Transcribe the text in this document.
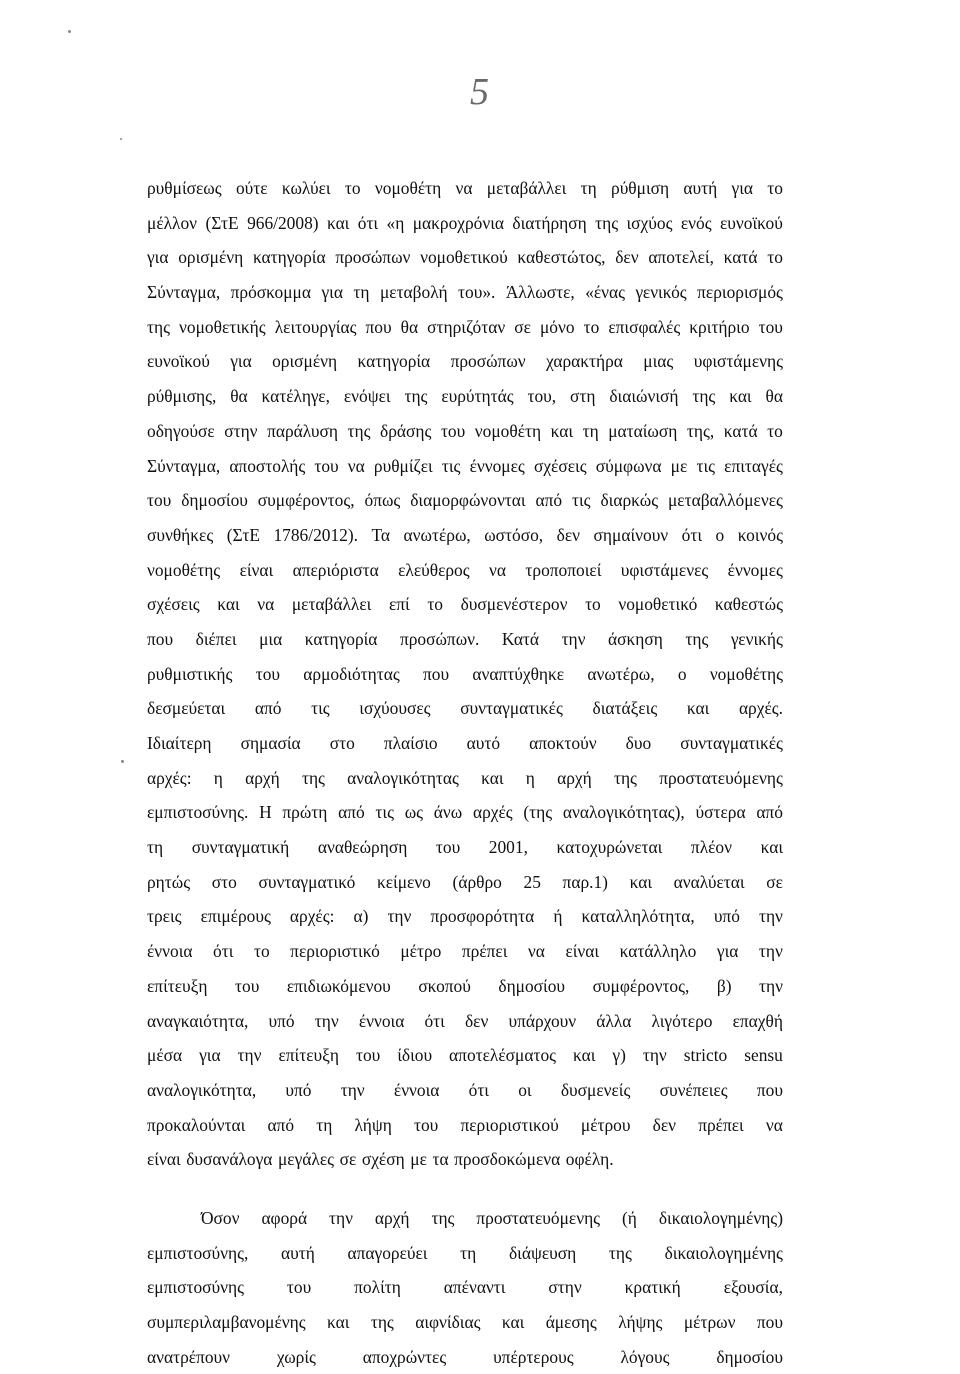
5
ρυθμίσεως ούτε κωλύει το νομοθέτη να μεταβάλλει τη ρύθμιση αυτή για το
μέλλον (ΣτΕ 966/2008) και ότι «η μακροχρόνια διατήρηση της ισχύος ενός ευνοϊκού
για ορισμένη κατηγορία προσώπων νομοθετικού καθεστώτος, δεν αποτελεί, κατά το
Σύνταγμα, πρόσκομμα για τη μεταβολή του». Άλλωστε, «ένας γενικός περιορισμός
της νομοθετικής λειτουργίας που θα στηριζόταν σε μόνο το επισφαλές κριτήριο του
ευνοϊκού για ορισμένη κατηγορία προσώπων χαρακτήρα μιας υφιστάμενης
ρύθμισης, θα κατέληγε, ενόψει της ευρύτητάς του, στη διαιώνισή της και θα
οδηγούσε στην παράλυση της δράσης του νομοθέτη και τη ματαίωση της, κατά το
Σύνταγμα, αποστολής του να ρυθμίζει τις έννομες σχέσεις σύμφωνα με τις επιταγές
του δημοσίου συμφέροντος, όπως διαμορφώνονται από τις διαρκώς μεταβαλλόμενες
συνθήκες (ΣτΕ 1786/2012). Τα ανωτέρω, ωστόσο, δεν σημαίνουν ότι ο κοινός
νομοθέτης είναι απεριόριστα ελεύθερος να τροποποιεί υφιστάμενες έννομες
σχέσεις και να μεταβάλλει επί το δυσμενέστερον το νομοθετικό καθεστώς
που διέπει μια κατηγορία προσώπων. Κατά την άσκηση της γενικής
ρυθμιστικής του αρμοδιότητας που αναπτύχθηκε ανωτέρω, ο νομοθέτης
δεσμεύεται από τις ισχύουσες συνταγματικές διατάξεις και αρχές.
Ιδιαίτερη σημασία στο πλαίσιο αυτό αποκτούν δυο συνταγματικές
αρχές: η αρχή της αναλογικότητας και η αρχή της προστατευόμενης
εμπιστοσύνης. Η πρώτη από τις ως άνω αρχές (της αναλογικότητας), ύστερα από
τη συνταγματική αναθεώρηση του 2001, κατοχυρώνεται πλέον και
ρητώς στο συνταγματικό κείμενο (άρθρο 25 παρ.1) και αναλύεται σε
τρεις επιμέρους αρχές: α) την προσφορότητα ή καταλληλότητα, υπό την
έννοια ότι το περιοριστικό μέτρο πρέπει να είναι κατάλληλο για την
επίτευξη του επιδιωκόμενου σκοπού δημοσίου συμφέροντος, β) την
αναγκαιότητα, υπό την έννοια ότι δεν υπάρχουν άλλα λιγότερο επαχθή
μέσα για την επίτευξη του ίδιου αποτελέσματος και γ) την stricto sensu
αναλογικότητα, υπό την έννοια ότι οι δυσμενείς συνέπειες που
προκαλούνται από τη λήψη του περιοριστικού μέτρου δεν πρέπει να
είναι δυσανάλογα μεγάλες σε σχέση με τα προσδοκώμενα οφέλη.
Όσον αφορά την αρχή της προστατευόμενης (ή δικαιολογημένης)
εμπιστοσύνης, αυτή απαγορεύει τη διάψευση της δικαιολογημένης
εμπιστοσύνης του πολίτη απέναντι στην κρατική εξουσία,
συμπεριλαμβανομένης και της αιφνίδιας και άμεσης λήψης μέτρων που
ανατρέπουν	χωρίς	αποχρώντες	υπέρτερους	λόγους	δημοσίου
